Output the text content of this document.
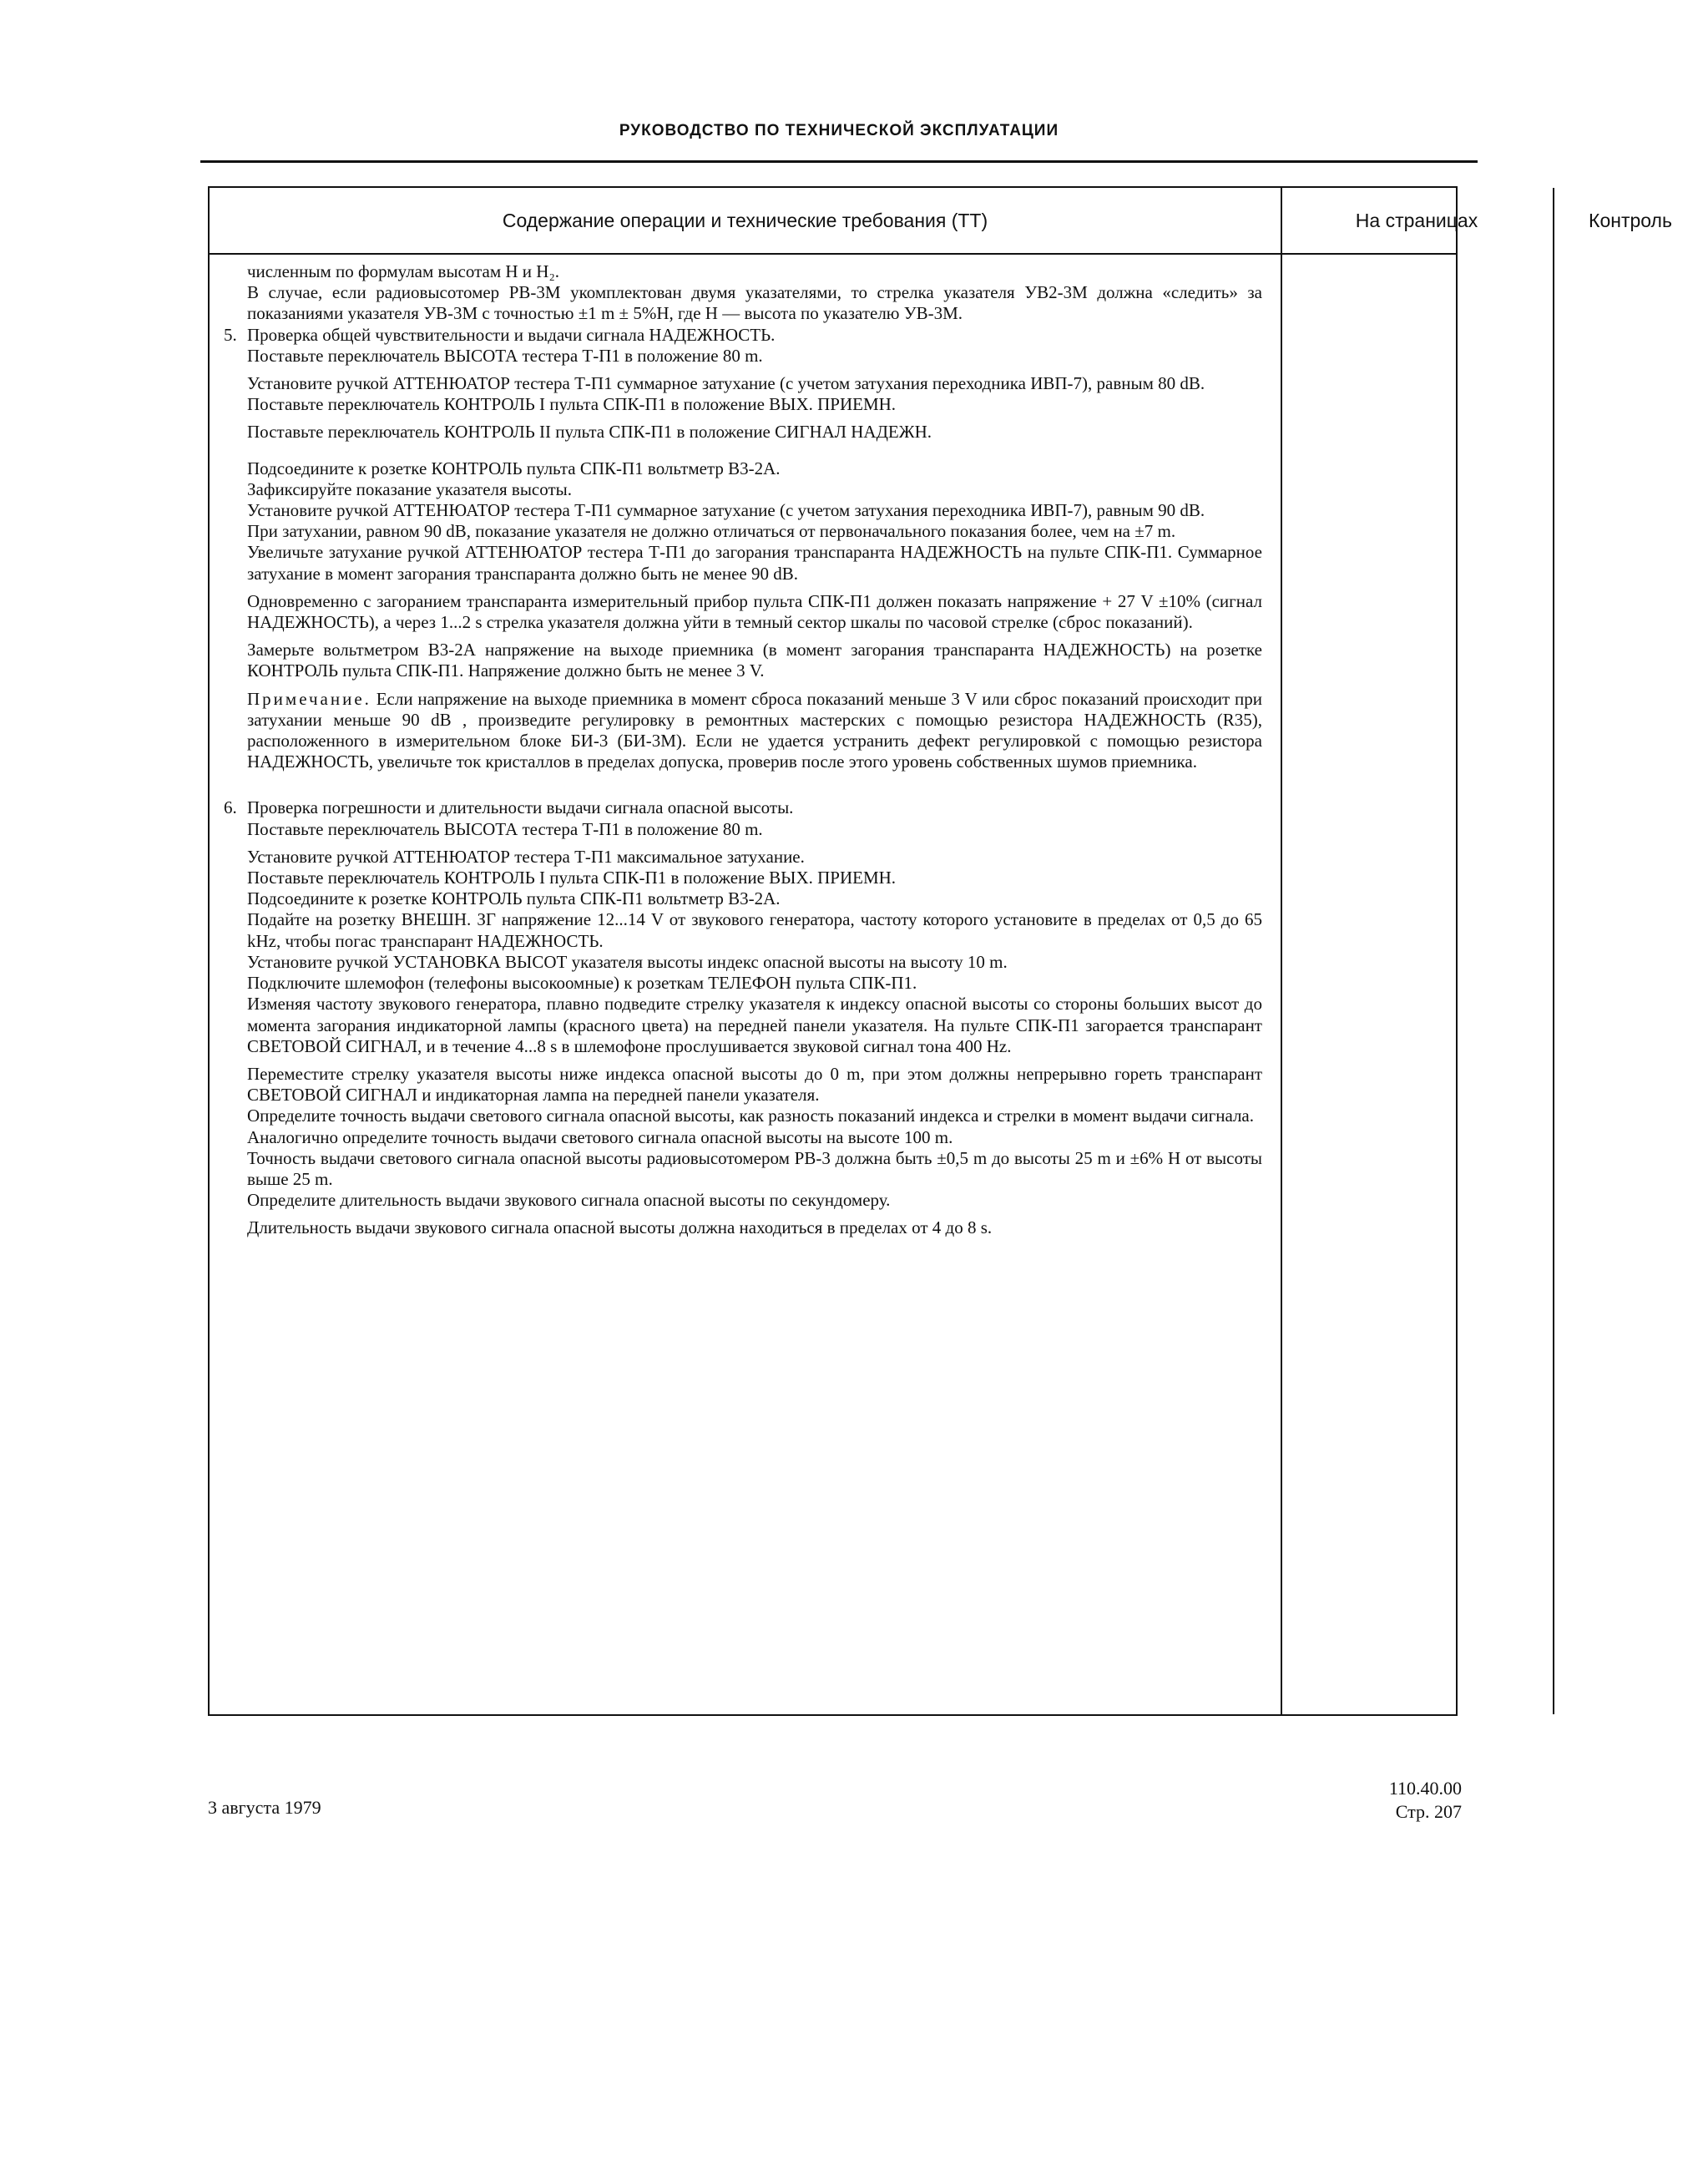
РУКОВОДСТВО ПО ТЕХНИЧЕСКОЙ ЭКСПЛУАТАЦИИ
Содержание операции и технические требования (ТТ)	На страницах	Контроль

численным по формулам высотам H и H₂.

В случае, если радиовысотомер РВ-3М укомплектован двумя указателями, то стрелка указателя УВ2-3М должна «следить» за показаниями указателя УВ-3М с точностью ±1 m ± 5%H, где H — высота по указателю УВ-3М.

5. Проверка общей чувствительности и выдачи сигнала НАДЕЖНОСТЬ.

Поставьте переключатель ВЫСОТА тестера Т-П1 в положение 80 m.

Установите ручкой АТТЕНЮАТОР тестера Т-П1 суммарное затухание (с учетом затухания переходника ИВП-7), равным 80 dB.

Поставьте переключатель КОНТРОЛЬ I пульта СПК-П1 в положение ВЫХ. ПРИЕМН.

Поставьте переключатель КОНТРОЛЬ II пульта СПК-П1 в положение СИГНАЛ НАДЕЖН.

Подсоедините к розетке КОНТРОЛЬ пульта СПК-П1 вольтметр В3-2А.

Зафиксируйте показание указателя высоты.

Установите ручкой АТТЕНЮАТОР тестера Т-П1 суммарное затухание (с учетом затухания переходника ИВП-7), равным 90 dB.

При затухании, равном 90 dB, показание указателя не должно отличаться от первоначального показания более, чем на ±7 m.

Увеличьте затухание ручкой АТТЕНЮАТОР тестера Т-П1 до загорания транспаранта НАДЕЖНОСТЬ на пульте СПК-П1. Суммарное затухание в момент загорания транспаранта должно быть не менее 90 dB.

Одновременно с загоранием транспаранта измерительный прибор пульта СПК-П1 должен показать напряжение + 27 V ±10% (сигнал НАДЕЖНОСТЬ), а через 1...2 s стрелка указателя должна уйти в темный сектор шкалы по часовой стрелке (сброс показаний).

Замерьте вольтметром В3-2А напряжение на выходе приемника (в момент загорания транспаранта НАДЕЖНОСТЬ) на розетке КОНТРОЛЬ пульта СПК-П1. Напряжение должно быть не менее 3 V.

Примечание. Если напряжение на выходе приемника в момент сброса показаний меньше 3 V или сброс показаний происходит при затухании меньше 90 dB , произведите регулировку в ремонтных мастерских с помощью резистора НАДЕЖНОСТЬ (R35), расположенного в измерительном блоке БИ-3 (БИ-3М). Если не удается устранить дефект регулировкой с помощью резистора НАДЕЖНОСТЬ, увеличьте ток кристаллов в пределах допуска, проверив после этого уровень собственных шумов приемника.

6. Проверка погрешности и длительности выдачи сигнала опасной высоты.

Поставьте переключатель ВЫСОТА тестера Т-П1 в положение 80 m.

Установите ручкой АТТЕНЮАТОР тестера Т-П1 максимальное затухание.

Поставьте переключатель КОНТРОЛЬ I пульта СПК-П1 в положение ВЫХ. ПРИЕМН.

Подсоедините к розетке КОНТРОЛЬ пульта СПК-П1 вольтметр В3-2А.

Подайте на розетку ВНЕШН. ЗГ напряжение 12...14 V от звукового генератора, частоту которого установите в пределах от 0,5 до 65 kHz, чтобы погас транспарант НАДЕЖНОСТЬ.

Установите ручкой УСТАНОВКА ВЫСОТ указателя высоты индекс опасной высоты на высоту 10 m.

Подключите шлемофон (телефоны высокоомные) к розеткам ТЕЛЕФОН пульта СПК-П1.

Изменяя частоту звукового генератора, плавно подведите стрелку указателя к индексу опасной высоты со стороны больших высот до момента загорания индикаторной лампы (красного цвета) на передней панели указателя. На пульте СПК-П1 загорается транспарант СВЕТОВОЙ СИГНАЛ, и в течение 4...8 s в шлемофоне прослушивается звуковой сигнал тона 400 Hz.

Переместите стрелку указателя высоты ниже индекса опасной высоты до 0 m, при этом должны непрерывно гореть транспарант СВЕТОВОЙ СИГНАЛ и индикаторная лампа на передней панели указателя.

Определите точность выдачи светового сигнала опасной высоты, как разность показаний индекса и стрелки в момент выдачи сигнала.

Аналогично определите точность выдачи светового сигнала опасной высоты на высоте 100 m.

Точность выдачи светового сигнала опасной высоты радиовысотомером РВ-3 должна быть ±0,5 m до высоты 25 m и ±6% H от высоты выше 25 m.

Определите длительность выдачи звукового сигнала опасной высоты по секундомеру.

Длительность выдачи звукового сигнала опасной высоты должна находиться в пределах от 4 до 8 s.

3 августа 1979
110.40.00
Стр. 207
